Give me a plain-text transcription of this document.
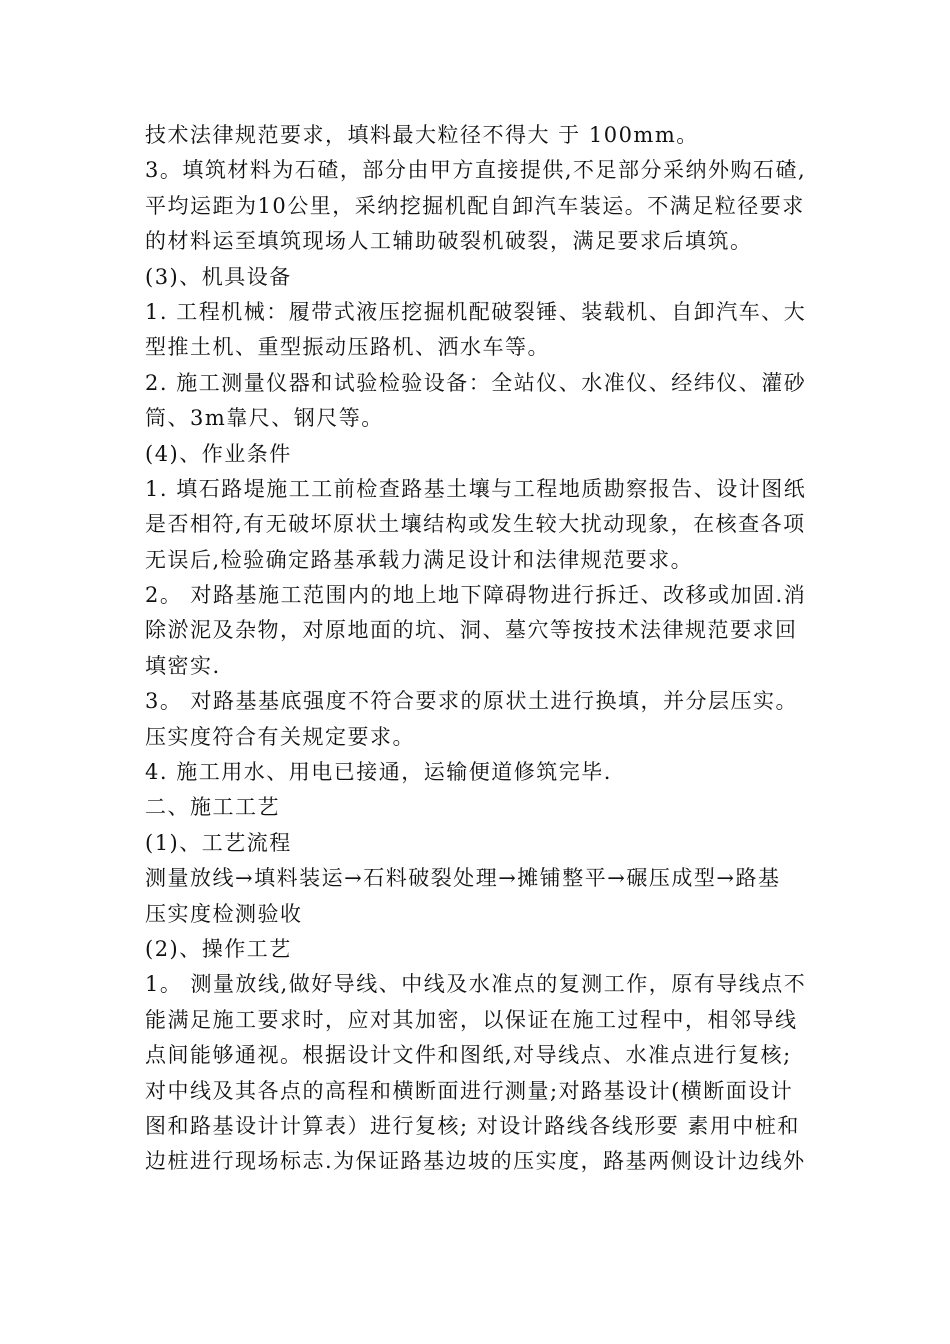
技术法律规范要求，填料最大粒径不得大 于 100mm。
3。填筑材料为石碴，部分由甲方直接提供,不足部分采纳外购石碴,
平均运距为10公里，采纳挖掘机配自卸汽车装运。不满足粒径要求
的材料运至填筑现场人工辅助破裂机破裂，满足要求后填筑。
(3)、机具设备
1. 工程机械：履带式液压挖掘机配破裂锤、装载机、自卸汽车、大
型推土机、重型振动压路机、洒水车等。
2. 施工测量仪器和试验检验设备：全站仪、水准仪、经纬仪、灌砂
筒、3m靠尺、钢尺等。
(4)、作业条件
1. 填石路堤施工工前检查路基土壤与工程地质勘察报告、设计图纸
是否相符,有无破坏原状土壤结构或发生较大扰动现象，在核查各项
无误后,检验确定路基承载力满足设计和法律规范要求。
2。 对路基施工范围内的地上地下障碍物进行拆迁、改移或加固.消
除淤泥及杂物，对原地面的坑、洞、墓穴等按技术法律规范要求回
填密实.
3。 对路基基底强度不符合要求的原状土进行换填，并分层压实。
压实度符合有关规定要求。
4. 施工用水、用电已接通，运输便道修筑完毕.
二、施工工艺
(1)、工艺流程
测量放线→填料装运→石料破裂处理→摊铺整平→碾压成型→路基
压实度检测验收
(2)、操作工艺
1。 测量放线,做好导线、中线及水准点的复测工作，原有导线点不
能满足施工要求时，应对其加密，以保证在施工过程中，相邻导线
点间能够通视。根据设计文件和图纸,对导线点、水准点进行复核;
对中线及其各点的高程和横断面进行测量;对路基设计(横断面设计
图和路基设计计算表）进行复核; 对设计路线各线形要 素用中桩和
边桩进行现场标志.为保证路基边坡的压实度，路基两侧设计边线外
